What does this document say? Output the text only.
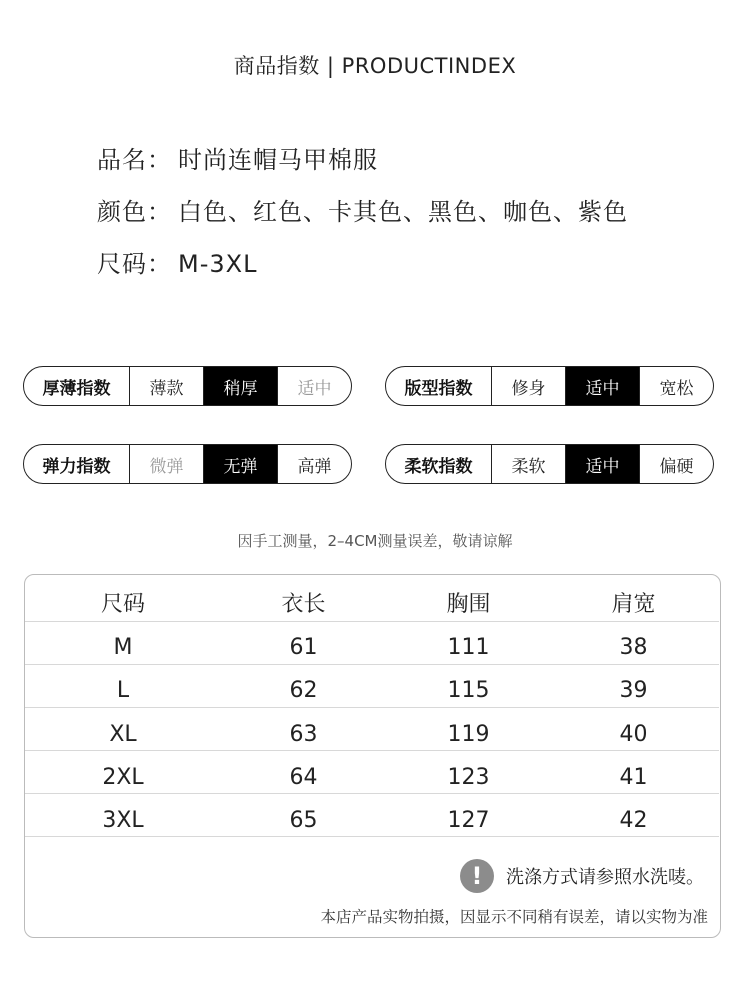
商品指数 | PRODUCTINDEX
品名： 时尚连帽马甲棉服
颜色： 白色、红色、卡其色、黑色、咖色、紫色
尺码： M-3XL
厚薄指数	薄款	稍厚	适中	版型指数	修身	适中	宽松
弹力指数	微弹	无弹	高弹	柔软指数	柔软	适中	偏硬
因手工测量，2–4CM测量误差，敬请谅解
尺码	衣长	胸围	肩宽
M	61	111	38
L	62	115	39
XL	63	119	40
2XL	64	123	41
3XL	65	127	42
!	洗涤方式请参照水洗唛。
本店产品实物拍摄，因显示不同稍有误差，请以实物为准
